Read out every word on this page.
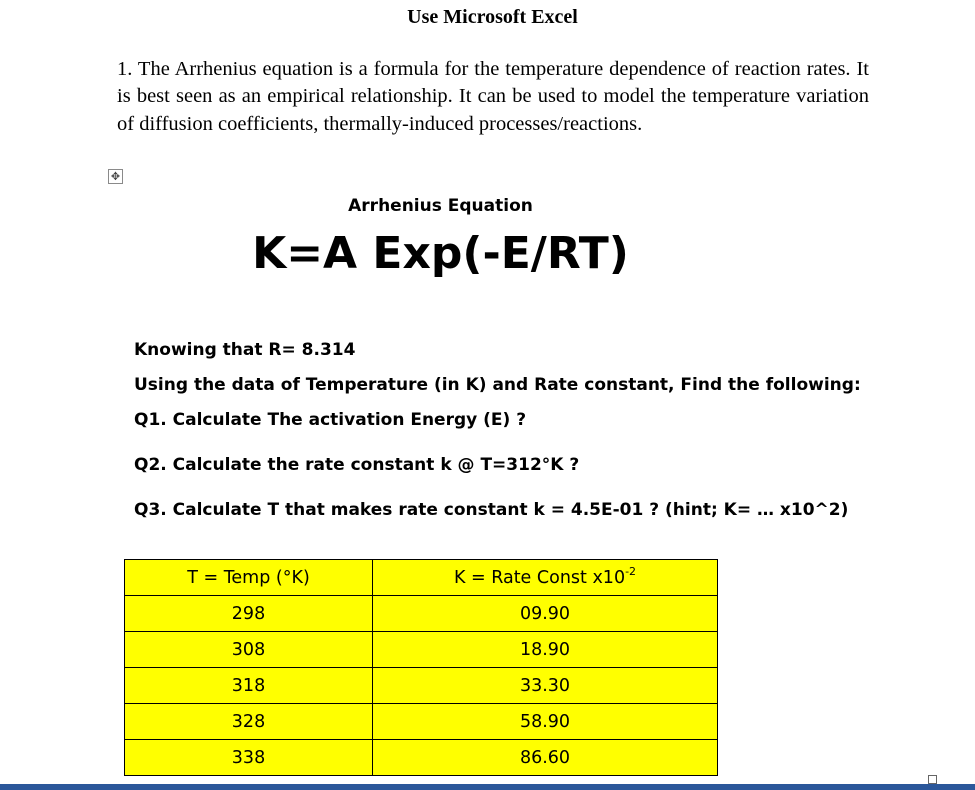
Use Microsoft Excel
1. The Arrhenius equation is a formula for the temperature dependence of reaction rates. It is best seen as an empirical relationship. It can be used to model the temperature variation of diffusion coefficients, thermally-induced processes/reactions.
✥
Arrhenius Equation
K=A Exp(-E/RT)
Knowing that R= 8.314
Using the data of Temperature (in K) and Rate constant, Find the following:
Q1. Calculate The activation Energy (E) ?
Q2. Calculate the rate constant k @ T=312°K ?
Q3. Calculate T that makes rate constant k = 4.5E-01 ? (hint; K= … x10^2)
T = Temp (°K)	K = Rate Const $x10^{-2}$
298	09.90
308	18.90
318	33.30
328	58.90
338	86.60
